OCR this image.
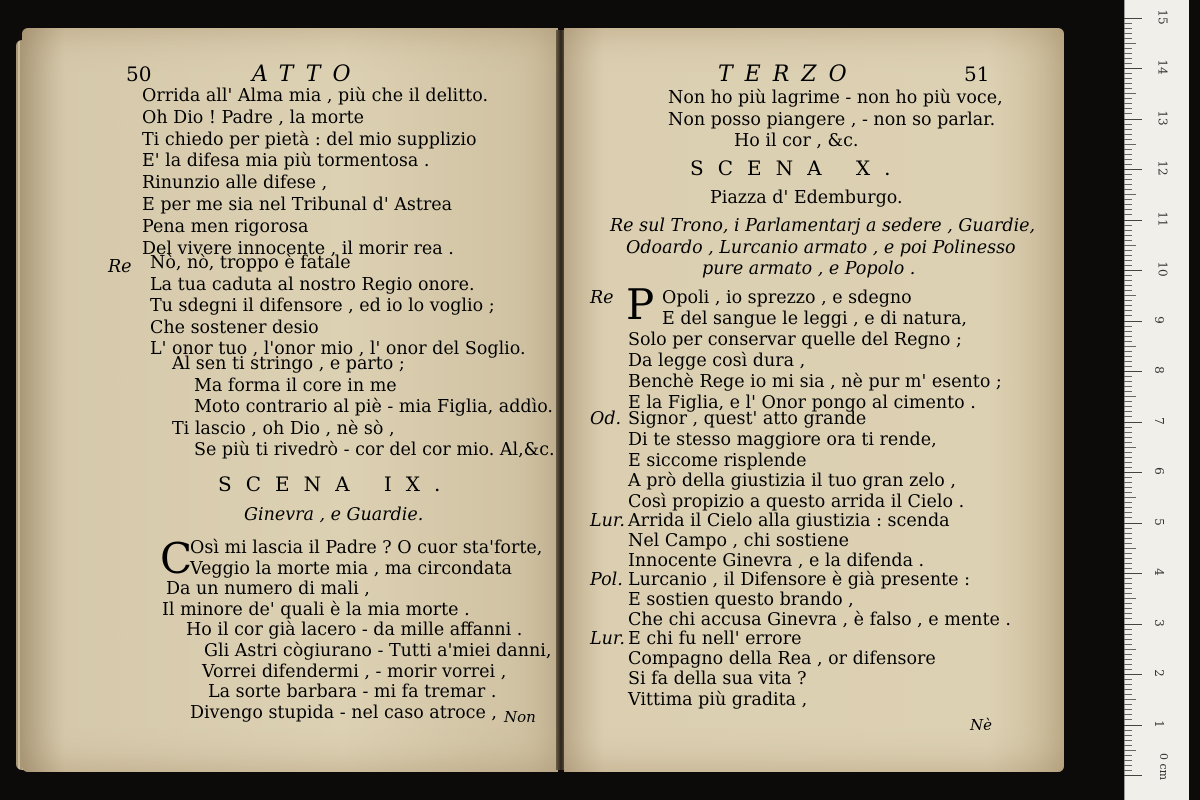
50	ATTO
Orrida all' Alma mia , più che il delitto.
Oh Dio ! Padre , la morte
Ti chiedo per pietà : del mio supplizio
E' la difesa mia più tormentosa .
Rinunzio alle difese ,
E per me sia nel Tribunal d' Astrea
Pena men rigorosa
Del vivere innocente , il morir rea .
Re Nò, nò, troppo è fatale
La tua caduta al nostro Regio onore.
Tu sdegni il difensore , ed io lo voglio ;
Che sostener desio
L' onor tuo , l'onor mio , l' onor del Soglio.
Al sen ti stringo , e parto ;
Ma forma il core in me
Moto contrario al piè - mia Figlia, addìo.
Ti lascio , oh Dio , nè sò ,
Se più ti rivedrò - cor del cor mio. Al,&c.
SCENA IX.
Ginevra , e Guardie.
C
Osì mi lascia il Padre ? O cuor sta'forte,
Veggio la morte mia , ma circondata
Da un numero di mali ,
Il minore de' quali è la mia morte .
Ho il cor già lacero - da mille affanni .
Gli Astri cògiurano - Tutti a'miei danni,
Vorrei difendermi , - morir vorrei ,
La sorte barbara - mi fa tremar .
Divengo stupida - nel caso atroce , Non
TERZO	51
Non ho più lagrime - non ho più voce,
Non posso piangere , - non so parlar.
Ho il cor , &c.
SCENA X.
Piazza d' Edemburgo.
Re sul Trono, i Parlamentarj a sedere , Guardie,
Odoardo , Lurcanio armato , e poi Polinesso
pure armato , e Popolo .
Re P Opoli , io sprezzo , e sdegno
E del sangue le leggi , e di natura,
Solo per conservar quelle del Regno ;
Da legge così dura ,
Benchè Rege io mi sia , nè pur m' esento ;
E la Figlia, e l' Onor pongo al cimento .
Od. Signor , quest' atto grande
Di te stesso maggiore ora ti rende,
E siccome risplende
A prò della giustizia il tuo gran zelo ,
Così propizio a questo arrida il Cielo .
Lur. Arrida il Cielo alla giustizia : scenda
Nel Campo , chi sostiene
Innocente Ginevra , e la difenda .
Pol. Lurcanio , il Difensore è già presente :
E sostien questo brando ,
Che chi accusa Ginevra , è falso , e mente .
Lur. E chi fu nell' errore
Compagno della Rea , or difensore
Si fa della sua vita ?
Vittima più gradita ,
Nè	1
2
3
4
5
6
7
8
9
10
11
12
13
14
15
0 cm
